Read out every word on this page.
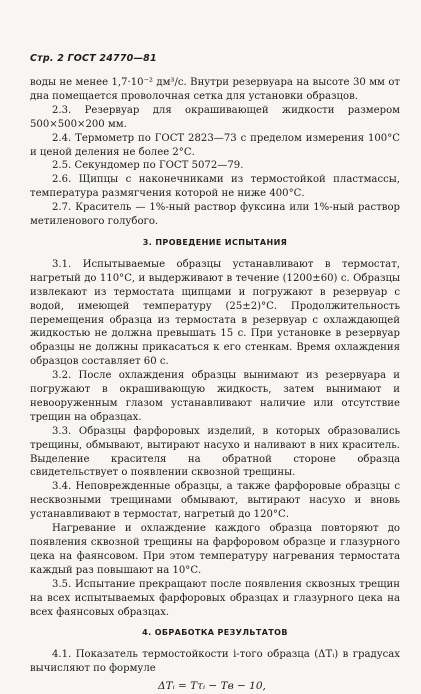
Стр. 2 ГОСТ 24770—81

воды не менее 1,7·10⁻² дм³/с. Внутри резервуара на высоте 30 мм от дна помещается проволочная сетка для установки образцов.

2.3. Резервуар для окрашивающей жидкости размером 500×500×200 мм.

2.4. Термометр по ГОСТ 2823—73 с пределом измерения 100°С и ценой деления не более 2°С.

2.5. Секундомер по ГОСТ 5072—79.

2.6. Щипцы с наконечниками из термостойкой пластмассы, температура размягчения которой не ниже 400°С.

2.7. Краситель — 1%-ный раствор фуксина или 1%-ный раствор метиленового голубого.

3. ПРОВЕДЕНИЕ ИСПЫТАНИЯ

3.1. Испытываемые образцы устанавливают в термостат, нагретый до 110°С, и выдерживают в течение (1200±60) с. Образцы извлекают из термостата щипцами и погружают в резервуар с водой, имеющей температуру (25±2)°С. Продолжительность перемещения образца из термостата в резервуар с охлаждающей жидкостью не должна превышать 15 с. При установке в резервуар образцы не должны прикасаться к его стенкам. Время охлаждения образцов составляет 60 с.

3.2. После охлаждения образцы вынимают из резервуара и погружают в окрашивающую жидкость, затем вынимают и невооруженным глазом устанавливают наличие или отсутствие трещин на образцах.

3.3. Образцы фарфоровых изделий, в которых образовались трещины, обмывают, вытирают насухо и наливают в них краситель. Выделение красителя на обратной стороне образца свидетельствует о появлении сквозной трещины.

3.4. Неповрежденные образцы, а также фарфоровые образцы с несквозными трещинами обмывают, вытирают насухо и вновь устанавливают в термостат, нагретый до 120°С.

Нагревание и охлаждение каждого образца повторяют до появления сквозной трещины на фарфоровом образце и глазурного цека на фаянсовом. При этом температуру нагревания термостата каждый раз повышают на 10°С.

3.5. Испытание прекращают после появления сквозных трещин на всех испытываемых фарфоровых образцах и глазурного цека на всех фаянсовых образцах.

4. ОБРАБОТКА РЕЗУЛЬТАТОВ

4.1. Показатель термостойкости i-того образца (ΔTᵢ) в градусах вычисляют по формуле

ΔTᵢ = Tτᵢ − Tв − 10,
